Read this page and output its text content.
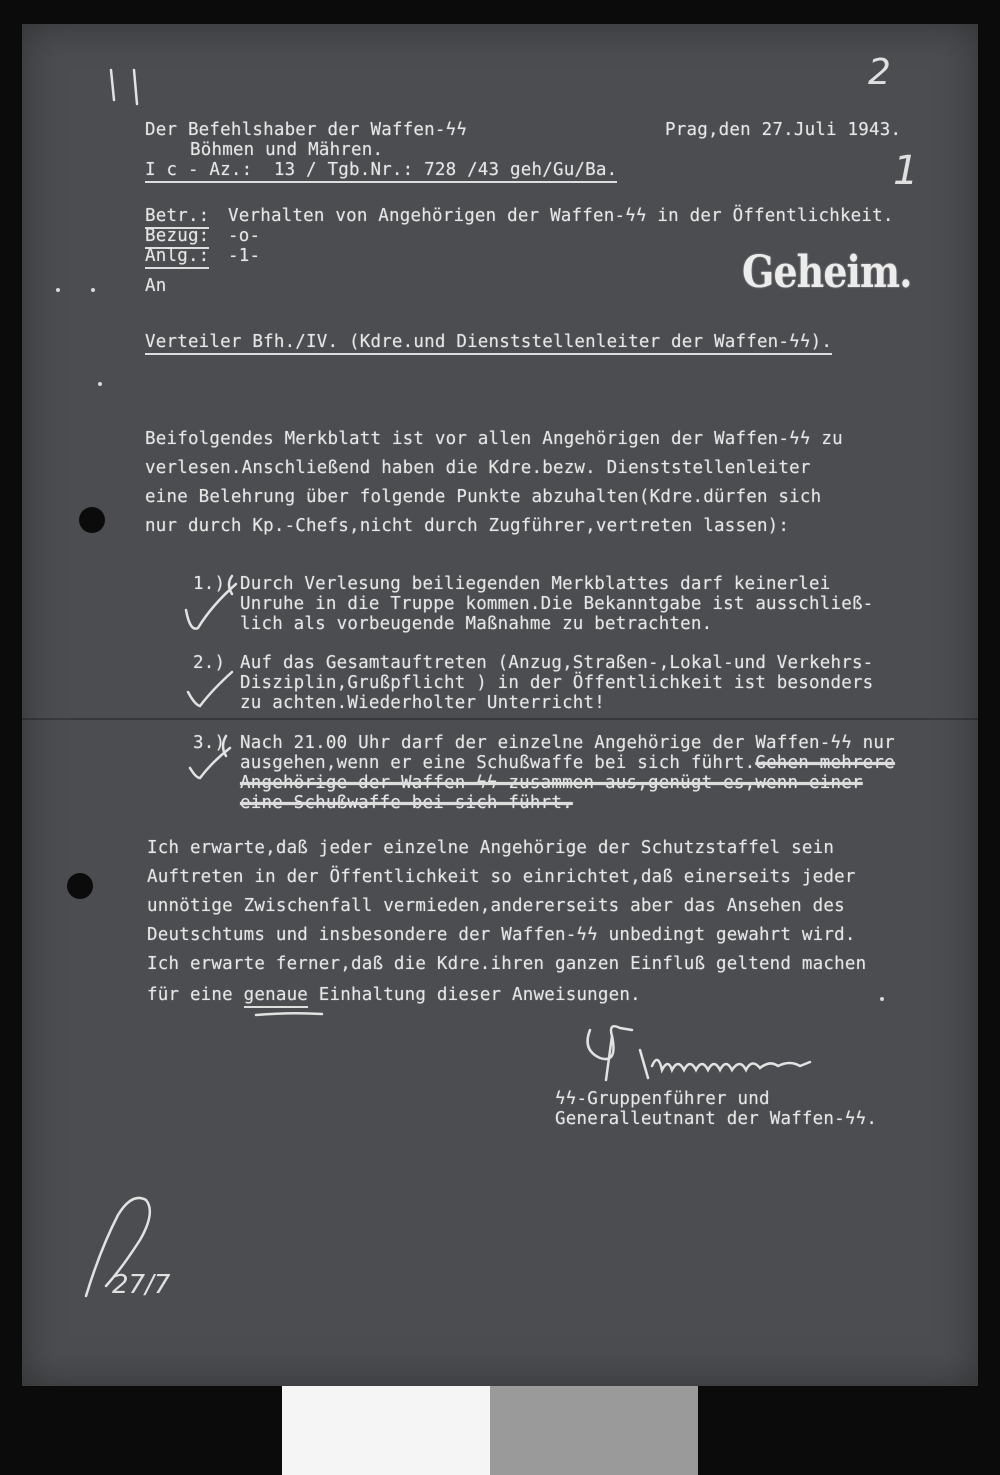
Der Befehlshaber der Waffen-ϟϟ
Böhmen und Mähren.
I c - Az.:  13 / Tgb.Nr.: 728 /43 geh/Gu/Ba.
Prag,den 27.Juli 1943.
1
2
Betr.: Verhalten von Angehörigen der Waffen-ϟϟ in der Öffentlichkeit.
Bezug: -o-
Anlg.: -1-
An	Geheim.
Verteiler Bfh./IV. (Kdre.und Dienststellenleiter der Waffen-ϟϟ).
Beifolgendes Merkblatt ist vor allen Angehörigen der Waffen-ϟϟ zu
verlesen.Anschließend haben die Kdre.bezw. Dienststellenleiter
eine Belehrung über folgende Punkte abzuhalten(Kdre.dürfen sich
nur durch Kp.-Chefs,nicht durch Zugführer,vertreten lassen):
1.) Durch Verlesung beiliegenden Merkblattes darf keinerlei
Unruhe in die Truppe kommen.Die Bekanntgabe ist ausschließ-
lich als vorbeugende Maßnahme zu betrachten.
2.) Auf das Gesamtauftreten (Anzug,Straßen-,Lokal-und Verkehrs-
Disziplin,Grußpflicht ) in der Öffentlichkeit ist besonders
zu achten.Wiederholter Unterricht!
3.) Nach 21.00 Uhr darf der einzelne Angehörige der Waffen-ϟϟ nur
ausgehen,wenn er eine Schußwaffe bei sich führt.Gehen mehrere
Angehörige der Waffen-ϟϟ zusammen aus,genügt es,wenn einer
eine Schußwaffe bei sich führt.
Ich erwarte,daß jeder einzelne Angehörige der Schutzstaffel sein
Auftreten in der Öffentlichkeit so einrichtet,daß einerseits jeder
unnötige Zwischenfall vermieden,andererseits aber das Ansehen des
Deutschtums und insbesondere der Waffen-ϟϟ unbedingt gewahrt wird.
Ich erwarte ferner,daß die Kdre.ihren ganzen Einfluß geltend machen
für eine genaue Einhaltung dieser Anweisungen.
ϟϟ-Gruppenführer und
Generalleutnant der Waffen-ϟϟ.
27/7
